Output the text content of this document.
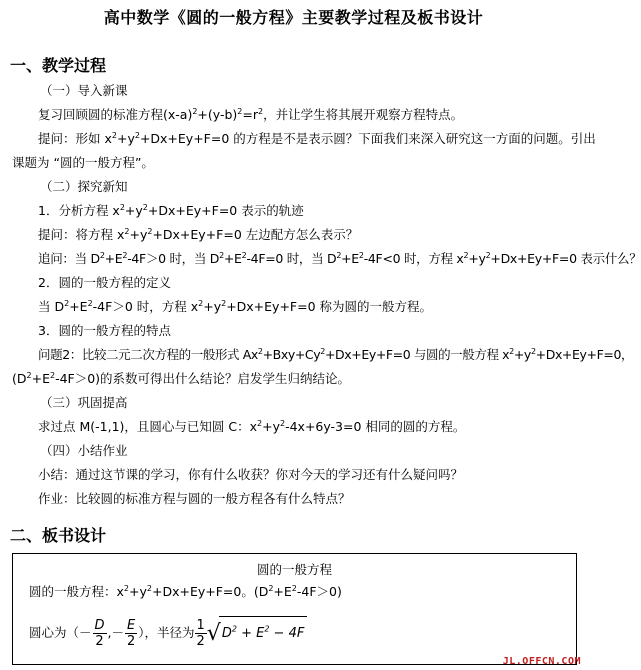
高中数学《圆的一般方程》主要教学过程及板书设计
一、教学过程
（一）导入新课
复习回顾圆的标准方程$(x-a)^2+(y-b)^2=r^2$，并让学生将其展开观察方程特点。
提问：形如 $x^2+y^2+Dx+Ey+F=0$ 的方程是不是表示圆？下面我们来深入研究这一方面的问题。引出
课题为 “圆的一般方程”。
（二）探究新知
1．分析方程 $x^2+y^2+Dx+Ey+F=0$ 表示的轨迹
提问：将方程 $x^2+y^2+Dx+Ey+F=0$ 左边配方怎么表示？
追问：当 $D^2+E^2-4F>0$ 时，当 $D^2+E^2-4F=0$ 时，当 $D^2+E^2-4F<0$ 时，方程 $x^2+y^2+Dx+Ey+F=0$ 表示什么？
2．圆的一般方程的定义
当 $D^2+E^2-4F>0$ 时，方程 $x^2+y^2+Dx+Ey+F=0$ 称为圆的一般方程。
3．圆的一般方程的特点
问题2：比较二元二次方程的一般形式 $Ax^2+Bxy+Cy^2+Dx+Ey+F=0$ 与圆的一般方程 $x^2+y^2+Dx+Ey+F=0$，
$(D^2+E^2-4F>0)$的系数可得出什么结论？启发学生归纳结论。
（三）巩固提高
求过点 M(-1,1)，且圆心与已知圆 C：$x^2+y^2-4x+6y-3=0$ 相同的圆的方程。
（四）小结作业
小结：通过这节课的学习，你有什么收获？你对今天的学习还有什么疑问吗？
作业：比较圆的标准方程与圆的一般方程各有什么特点？
二、板书设计
圆的一般方程
圆的一般方程：$x^2+y^2+Dx+Ey+F=0$。$(D^2+E^2-4F>0)$
圆心为（－ $\frac{D}{2}$ ,－ $\frac{E}{2}$ ），半径为 $\frac{1}{2} √D^2 + E^2 - 4F$
JL.OFFCN.COM
